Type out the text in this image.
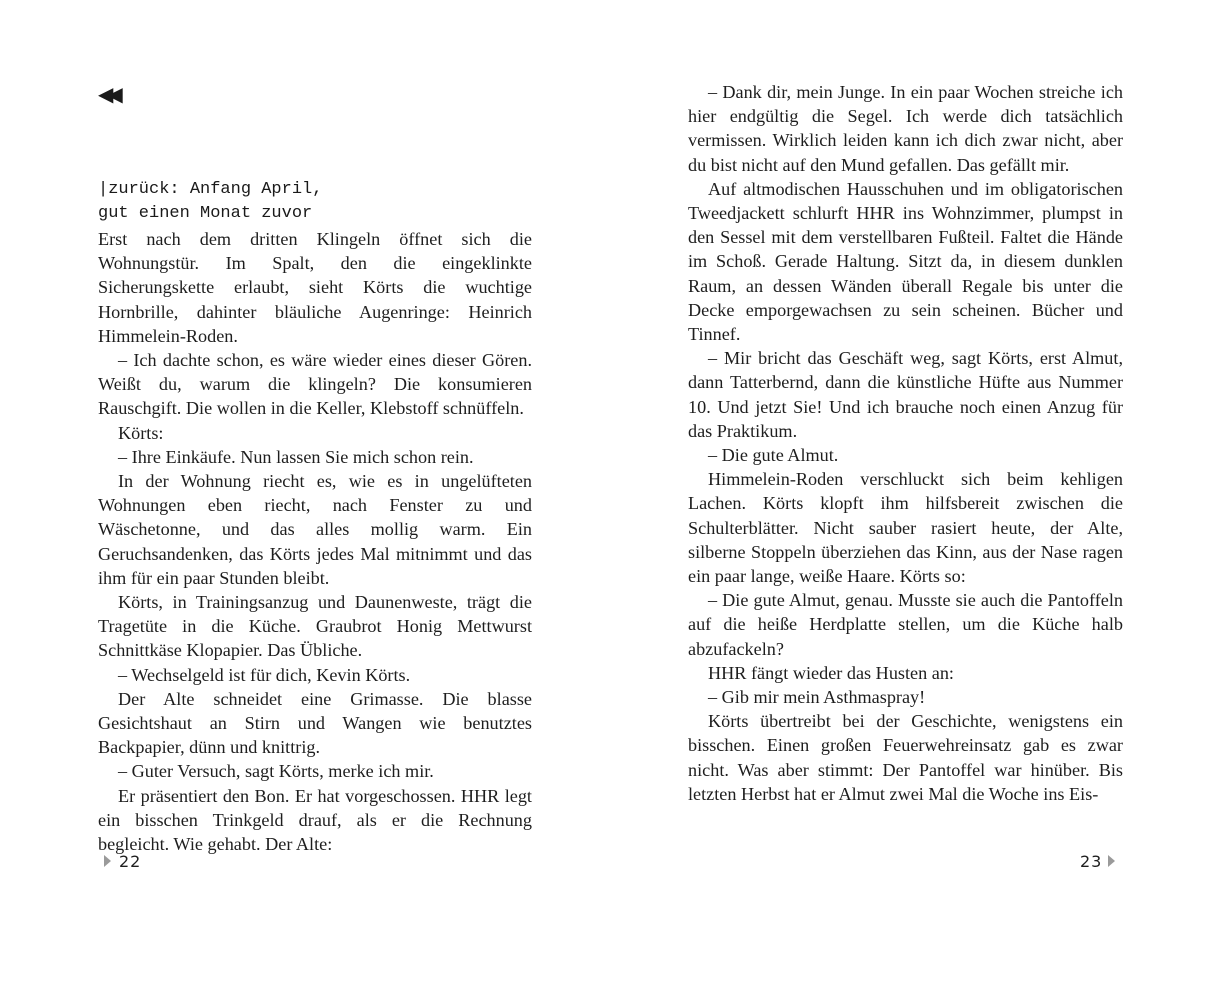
◀◀
|zurück: Anfang April,
gut einen Monat zuvor

Erst nach dem dritten Klingeln öffnet sich die Wohnungstür. Im Spalt, den die eingeklinkte Sicherungskette erlaubt, sieht Körts die wuchtige Hornbrille, dahinter bläuliche Augenringe: Heinrich Himmelein-Roden.

– Ich dachte schon, es wäre wieder eines dieser Gören. Weißt du, warum die klingeln? Die konsumieren Rauschgift. Die wollen in die Keller, Klebstoff schnüffeln.

Körts:

– Ihre Einkäufe. Nun lassen Sie mich schon rein.

In der Wohnung riecht es, wie es in ungelüfteten Wohnungen eben riecht, nach Fenster zu und Wäschetonne, und das alles mollig warm. Ein Geruchsandenken, das Körts jedes Mal mitnimmt und das ihm für ein paar Stunden bleibt.

Körts, in Trainingsanzug und Daunenweste, trägt die Tragetüte in die Küche. Graubrot Honig Mettwurst Schnittkäse Klopapier. Das Übliche.

– Wechselgeld ist für dich, Kevin Körts.

Der Alte schneidet eine Grimasse. Die blasse Gesichtshaut an Stirn und Wangen wie benutztes Backpapier, dünn und knittrig.

– Guter Versuch, sagt Körts, merke ich mir.

Er präsentiert den Bon. Er hat vorgeschossen. HHR legt ein bisschen Trinkgeld drauf, als er die Rechnung begleicht. Wie gehabt. Der Alte:

22

– Dank dir, mein Junge. In ein paar Wochen streiche ich hier endgültig die Segel. Ich werde dich tatsächlich vermissen. Wirklich leiden kann ich dich zwar nicht, aber du bist nicht auf den Mund gefallen. Das gefällt mir.

Auf altmodischen Hausschuhen und im obligatorischen Tweedjackett schlurft HHR ins Wohnzimmer, plumpst in den Sessel mit dem verstellbaren Fußteil. Faltet die Hände im Schoß. Gerade Haltung. Sitzt da, in diesem dunklen Raum, an dessen Wänden überall Regale bis unter die Decke emporgewachsen zu sein scheinen. Bücher und Tinnef.

– Mir bricht das Geschäft weg, sagt Körts, erst Almut, dann Tatterbernd, dann die künstliche Hüfte aus Nummer 10. Und jetzt Sie! Und ich brauche noch einen Anzug für das Praktikum.

– Die gute Almut.

Himmelein-Roden verschluckt sich beim kehligen Lachen. Körts klopft ihm hilfsbereit zwischen die Schulterblätter. Nicht sauber rasiert heute, der Alte, silberne Stoppeln überziehen das Kinn, aus der Nase ragen ein paar lange, weiße Haare. Körts so:

– Die gute Almut, genau. Musste sie auch die Pantoffeln auf die heiße Herdplatte stellen, um die Küche halb abzufackeln?

HHR fängt wieder das Husten an:

– Gib mir mein Asthmaspray!

Körts übertreibt bei der Geschichte, wenigstens ein bisschen. Einen großen Feuerwehreinsatz gab es zwar nicht. Was aber stimmt: Der Pantoffel war hinüber. Bis letzten Herbst hat er Almut zwei Mal die Woche ins Eis-

23
